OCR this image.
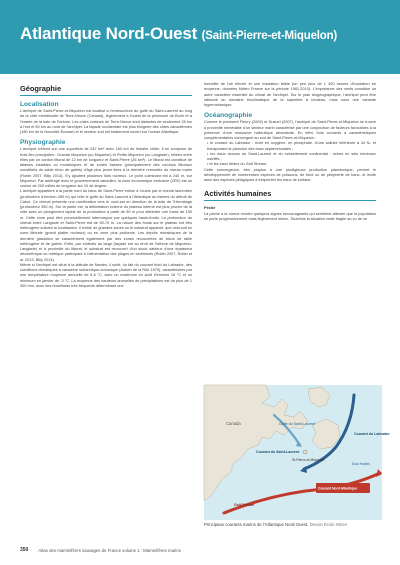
Atlantique Nord-Ouest (Saint-Pierre-et-Miquelon)
Géographie
Localisation

L'archipel de Saint-Pierre-et-Miquelon est localisé à l'embouchure du golfe du Saint-Laurent au long de la côte méridionale de Terre-Neuve (Canada), légèrement à l'ouest de la péninsule de Burin et à l'entrée de la baie de Fortune. Les côtes voisines de Terre-Neuve sont distantes de seulement 25 km à l'est et 50 km au nord de l'archipel. La façade occidentale est plus éloignée des côtes canadiennes (180 km de la Nouvelle-Écosse) et le secteur sud est totalement ouvert sur l'océan Atlantique.

Physiographie

L'archipel s'étend sur une superficie de 242 km² avec 160 km de linéaire côtier. Il se compose de trois îles principales : Grande-Miquelon (ou Miquelon) et Petite-Miquelon (ou Langlade), reliées entre elles par un cordon littoral de 12 km de longueur et Saint-Pierre (26 km²). Le littoral est constitué de falaises instables ou morainiques et de zones basses (principalement des cordons littoraux constitués de sable et/ou de galets) d'âge plus jeune liées à la dernière remontée du niveau marin (Robin 2007, Billy 2014). S'y ajoutent plusieurs îlots rocheux. Le point culminant est à 240 m, sur Miquelon. Par arbitrage avec le gouvernement canadien, la zone économique exclusive (ZEE) est un couloir de 200 milles de longueur sur 10 de largeur.

L'archipel appartient à la partie nord du banc de Saint-Pierre enfoui à l'ouest par le chenal laurentien (profondeur d'environ 450 m) qui relie le golfe du Saint-Laurent à l'Atlantique au travers du détroit de Cabot. Ce chenal présente une ramification vers le nord-est en direction de la baie de l'Hermitage (profondeur 350 m). Sur la partie est, la délimitation externe du plateau interne est plus proche de la côte avec un plongement rapide de la profondeur à partir de 50 m pour atteindre une fosse de 150 m. Cette zone peut être ponctuellement interrompue par quelques hauts-fonds. La profondeur du chenal entre Langlade et Saint-Pierre est de 50-70 m. La nature des fonds sur le plateau est très hétérogène suivant la localisation. Il existe de grandes zones où le substrat apparaît, que cela soit en zone littorale (grand platier rocheux) ou en zone plus profonde. Les dépôts morainiques de la dernière glaciation se caractérisent également par des zones recouvertes de blocs de taille hétérogène et de galets. Enfin, par endroits au large (façade est au droit de l'isthme de Miquelon-Langlade) et à proximité du littoral, le substrat est recouvert d'un stock sableux d'une épaisseur décimétrique ou métrique participant à l'alimentation des plages en sédiments (Robin 2007, Robin et al. 2013, Billy 2014).

Même si l'archipel est situé à la latitude de Nantes, il subit, du fait du courant froid du Labrador, des conditions climatiques à caractère subarctique-océanique (Aubert de la Rüe 1970), caractérisées par une température moyenne annuelle de 5-6 °C, avec un maximum en août d'environ 16 °C et un minimum en janvier de -3 °C. La moyenne des hauteurs annuelles de précipitations est de plus de 1 300 mm, avec des brouillards très fréquents déterminant une

humidité de l'air élevée et une insolation faible (un peu plus de 1 400 heures d'insolation en moyenne, données Météo France sur la période 1981-2010). L'importance des vents constitue un autre caractère essentiel du climat de l'archipel. Sur le plan biogéographique, l'archipel peut être rattaché au domaine bioclimatique de la sapinière à bouleau, mais sous une variante hyperocéanique.

Océanographie

Comme le précisent Fleury (2005) et Dusuel (2007), l'archipel de Saint-Pierre-et-Miquelon se trouve à proximité immédiate d'un secteur marin caractérisé par une conjonction de facteurs favorables à la présence d'une ressource halieutique abondante. En effet, trois courants à caractéristiques complémentaires convergent au sud de Saint-Pierre-et-Miquelon :

• le courant du Labrador : riche en oxygène, en phosphate, d'une salinité inférieure à 34 ‰ et transportant le plancton des eaux septentrionales ;
• les eaux douces du Saint-Laurent et du ruissellement continental : riches en sels minéraux nutritifs ;
• et les eaux tièdes du Gulf Stream.

Cette convergence, très propice à une prodigieuse production planctonique, permet le développement de nombreuses espèces de poissons, de fond ou de périphérie de banc, et incite ainsi des espèces pélagiques à fréquenter les eaux de surface.

Activités humaines
Pêche

La pêche à la morue montre quelques signes encourageants qui semblent attester que la population se porte progressivement mais légèrement mieux. Toutefois la situation reste fragile au vu de ce

Golfe du Saint-Laurent
Courant du Saint-Laurent
Courant du Labrador
St-Pierre-et-Miquelon
Canada
Courant Nord Atlantique
Gulf Stream
Eaux froides
Principaux courants marins de l'Atlantique Nord-Ouest. Dessin Ecole Nines
350 Atlas des mammifères sauvages de France volume 1 : Mammifères marins
